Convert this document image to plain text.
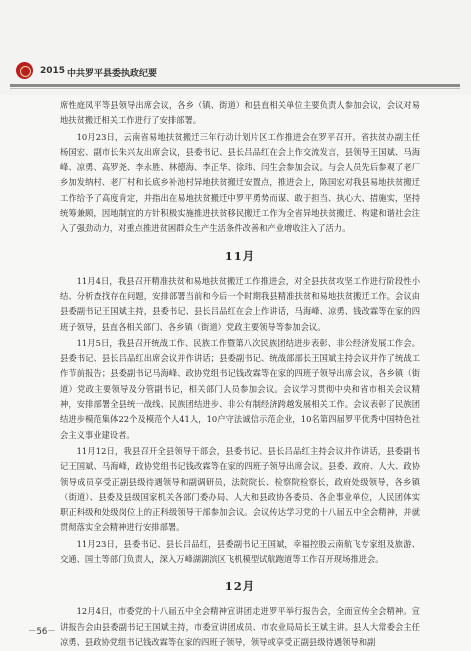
2015 中共罗平县委执政纪要

席性庭凤平等县领导出席会议，各乡（镇、街道）和县直相关单位主要负责人参加会议，会议对易地扶贫搬迁相关工作进行了安排部署。

10月23日，云南省易地扶贫搬迁三年行动计划片区工作推进会在罗平召开。省扶贫办副主任杨国宏、副市长朱兴友出席会议，县委书记、县长吕品红在会上作交流发言，县领导王国斌、马海峰、凉勇、高罗尧、李永胜、林德海、李正华、徐玮、闫生会参加会议。与会人员先后参观了老厂乡加发纳村、老厂村和长底乡补池村异地扶贫搬迁安置点，推进会上，陈国宏对我县易地扶贫搬迁工作给予了高度肯定，并指出在易地扶贫搬迁中罗平勇势而谋、敢于担当、执心大、措施实，坚持统筹兼顾，因地制宜的方针积极实施推进扶贫移民搬迁工作为全省异地扶贫搬迁、构建和谐社会注入了强劲动力，对重点推进贫困群众生产生活条件改善和产业增收注入了活力。

11月

11月4日，我县召开精准扶贫和易地扶贫搬迁工作推进会，对全县扶贫攻坚工作进行阶段性小结、分析查找存在问题，安排部署当前和今后一个时期我县精准扶贫和易地扶贫搬迁工作。会议由县委副书记王国斌主持，县委书记、县长吕品红在会上作讲话，马海峰、凉勇、钱改霖等在家的四班子领导，县直各相关部门、各乡镇（街道）党政主要领导等参加会议。

11月5日，我县召开统战工作、民族工作暨第八次民族团结进步表彰、非公经济发展工作会。县委书记、县长吕品红出席会议并作讲话；县委副书记、统战部部长王国斌主持会议并作了统战工作节前报告；县委副书记马海峰、政协党组书记钱改霖等在家的四班子领导出席会议，各乡镇（街道）党政主要领导及分管副书记，相关部门人员参加会议。会议学习贯彻中央和省市相关会议精神，安排部署全县统一战线、民族团结进步、非公有制经济跨越发展相关工作。会议表彰了民族团结进步模范集体22个及模范个人41人，10户守法诚信示范企业，10名第四届罗平优秀中国特色社会主义事业建设者。

11月12日，我县召开全县领导干部会，县委书记、县长吕品红主持会议并作讲话，县委副书记王国斌、马海峰，政协党组书记钱改霖等在家的四班子领导出席会议。县委、政府、人大、政协领导成员享受正副县级待遇领导和副调研员，法院院长、检察院检察长，政府处级领导，各乡镇（街道）、县委及县级国家机关各部门委办局、人大和县政协各委员、各企事业单位，人民团体实职正科级和处级岗位上的正科级领导干部参加会议。会议传达学习党的十八届五中全会精神，并就贯彻落实全会精神进行安排部署。

11月23日，县委书记、县长吕品红，县委副书记王国斌，幸福控股云南航飞专家组及旅游、交通、国土等部门负责人，深入万峰湖湖滨区飞机模型试航跑道等工作召开现场推进会。

12月

12月4日，市委党的十八届五中全会精神宣讲团走进罗平举行报告会，全面宣传全会精神。宣讲报告会由县委副书记王国斌主持，市委宣讲团成员、市农业局局长王斌主讲。县人大常委会主任凉勇、县政协党组书记钱改霖等在家的四班子领导，领导或享受正副县级待遇领导和副

－56－
